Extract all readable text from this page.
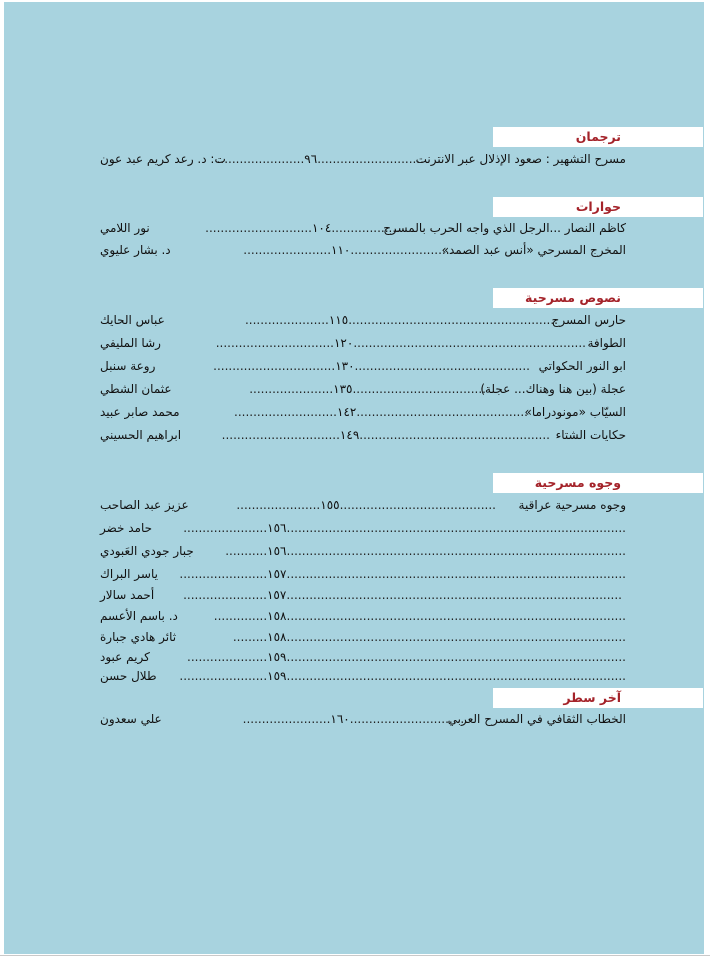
ترجمان
مسرح التشهير : صعود الإذلال عبر الانترنت
............................٩٦.......................
ت: د. رعد كريم عبد عون
حوارات
كاظم النصار ...الرجل الذي واجه الحرب بالمسرح
..................١٠٤............................
نور اللامي
المخرج المسرحي «أنس عبد الصمد»
.............................١١٠.......................
د. بشار عليوي
نصوص مسرحية
حارس المسرح
.......................................................١١٥......................
عباس الحايك
الطوافة
.............................................................١٢٠...............................
رشا المليفي
ابو النور الحكواتي
..............................................١٣٠................................
روعة سنبل
عجلة (بين هنا وهناك... عجلة)
...................................١٣٥......................
عثمان الشطي
السيّاب «مونودراما»
.............................................١٤٢...........................
محمد صابر عبيد
حكايات الشتاء
..................................................١٤٩...............................
ابراهيم الحسيني
وجوه مسرحية
وجوه مسرحية عراقية
.........................................١٥٥......................
عزيز عبد الصاحب
.........................................................................................١٥٦......................
حامد خضر
.........................................................................................١٥٦...........
جبار جودي العَبودي
.........................................................................................١٥٧.......................
ياسر البراك
........................................................................................١٥٧......................
أحمد سالار
.........................................................................................١٥٨..............
د. باسم الأعسم
.........................................................................................١٥٨.........
ثائر هادي جبارة
.........................................................................................١٥٩.....................
كريم عبود
.........................................................................................١٥٩.......................
طلال حسن
آخر سطر
الخطاب الثقافي في المسرح العربي
...............................١٦٠.......................
علي سعدون
